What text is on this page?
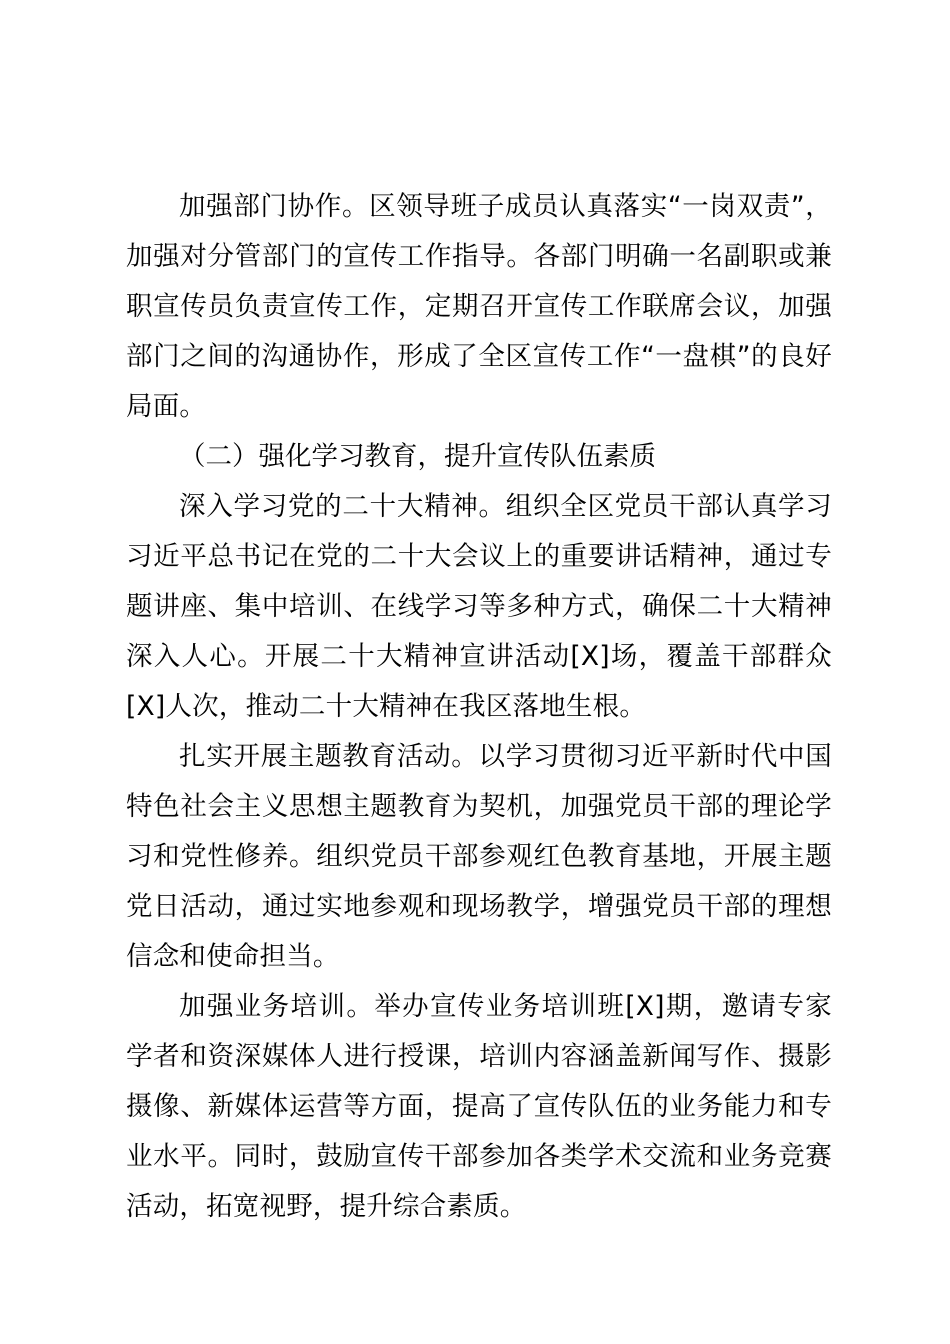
加强部门协作。区领导班子成员认真落实“一岗双责”，加强对分管部门的宣传工作指导。各部门明确一名副职或兼职宣传员负责宣传工作，定期召开宣传工作联席会议，加强部门之间的沟通协作，形成了全区宣传工作“一盘棋”的良好局面。

（二）强化学习教育，提升宣传队伍素质

深入学习党的二十大精神。组织全区党员干部认真学习习近平总书记在党的二十大会议上的重要讲话精神，通过专题讲座、集中培训、在线学习等多种方式，确保二十大精神深入人心。开展二十大精神宣讲活动[X]场，覆盖干部群众[X]人次，推动二十大精神在我区落地生根。

扎实开展主题教育活动。以学习贯彻习近平新时代中国特色社会主义思想主题教育为契机，加强党员干部的理论学习和党性修养。组织党员干部参观红色教育基地，开展主题党日活动，通过实地参观和现场教学，增强党员干部的理想信念和使命担当。

加强业务培训。举办宣传业务培训班[X]期，邀请专家学者和资深媒体人进行授课，培训内容涵盖新闻写作、摄影摄像、新媒体运营等方面，提高了宣传队伍的业务能力和专业水平。同时，鼓励宣传干部参加各类学术交流和业务竞赛活动，拓宽视野，提升综合素质。
